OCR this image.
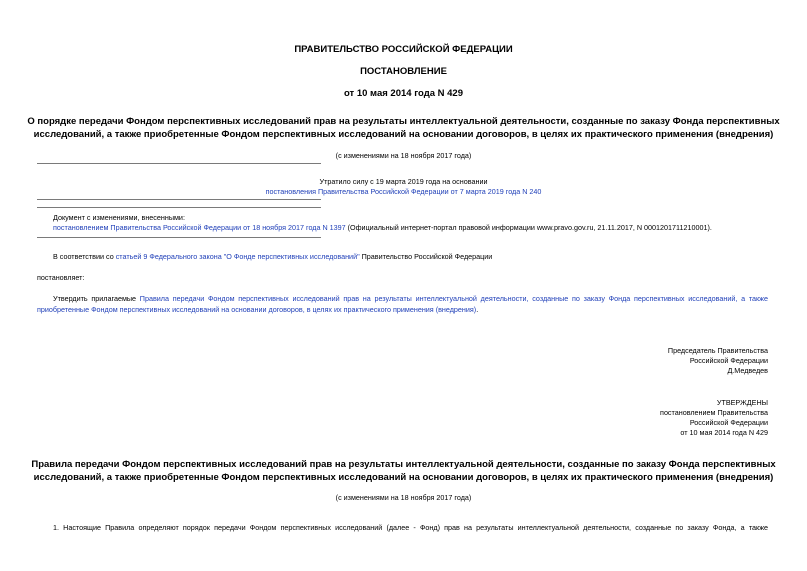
ПРАВИТЕЛЬСТВО РОССИЙСКОЙ ФЕДЕРАЦИИ
ПОСТАНОВЛЕНИЕ
от 10 мая 2014 года N 429
О порядке передачи Фондом перспективных исследований прав на результаты интеллектуальной деятельности, созданные по заказу Фонда перспективных
исследований, а также приобретенные Фондом перспективных исследований на основании договоров, в целях их практического применения (внедрения)
(с изменениями на 18 ноября 2017 года)
Утратило силу с 19 марта 2019 года на основании
постановления Правительства Российской Федерации от 7 марта 2019 года N 240
Документ с изменениями, внесенными:
постановлением Правительства Российской Федерации от 18 ноября 2017 года N 1397 (Официальный интернет-портал правовой информации www.pravo.gov.ru, 21.11.2017, N 0001201711210001).
В соответствии со статьей 9 Федерального закона "О Фонде перспективных исследований" Правительство Российской Федерации
постановляет:
Утвердить прилагаемые Правила передачи Фондом перспективных исследований прав на результаты интеллектуальной деятельности, созданные по заказу Фонда перспективных исследований, а также
приобретенные Фондом перспективных исследований на основании договоров, в целях их практического применения (внедрения).
Председатель Правительства
Российской Федерации
Д.Медведев
УТВЕРЖДЕНЫ
постановлением Правительства
Российской Федерации
от 10 мая 2014 года N 429
Правила передачи Фондом перспективных исследований прав на результаты интеллектуальной деятельности, созданные по заказу Фонда перспективных
исследований, а также приобретенные Фондом перспективных исследований на основании договоров, в целях их практического применения (внедрения)
(с изменениями на 18 ноября 2017 года)
1. Настоящие Правила определяют порядок передачи Фондом перспективных исследований (далее - Фонд) прав на результаты интеллектуальной деятельности, созданные по заказу Фонда, а также
